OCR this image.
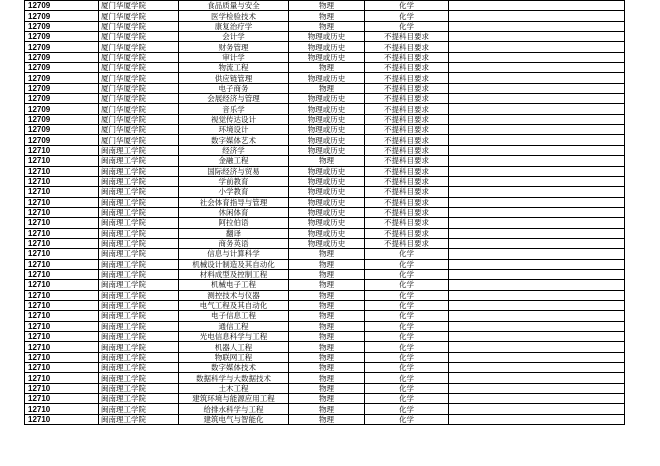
12709	厦门华厦学院	食品质量与安全	物理	化学	
12709	厦门华厦学院	医学检验技术	物理	化学	
12709	厦门华厦学院	康复治疗学	物理	化学	
12709	厦门华厦学院	会计学	物理或历史	不提科目要求	
12709	厦门华厦学院	财务管理	物理或历史	不提科目要求	
12709	厦门华厦学院	审计学	物理或历史	不提科目要求	
12709	厦门华厦学院	物流工程	物理	不提科目要求	
12709	厦门华厦学院	供应链管理	物理或历史	不提科目要求	
12709	厦门华厦学院	电子商务	物理	不提科目要求	
12709	厦门华厦学院	会展经济与管理	物理或历史	不提科目要求	
12709	厦门华厦学院	音乐学	物理或历史	不提科目要求	
12709	厦门华厦学院	视觉传达设计	物理或历史	不提科目要求	
12709	厦门华厦学院	环境设计	物理或历史	不提科目要求	
12709	厦门华厦学院	数字媒体艺术	物理或历史	不提科目要求	
12710	闽南理工学院	经济学	物理或历史	不提科目要求	
12710	闽南理工学院	金融工程	物理	不提科目要求	
12710	闽南理工学院	国际经济与贸易	物理或历史	不提科目要求	
12710	闽南理工学院	学前教育	物理或历史	不提科目要求	
12710	闽南理工学院	小学教育	物理或历史	不提科目要求	
12710	闽南理工学院	社会体育指导与管理	物理或历史	不提科目要求	
12710	闽南理工学院	休闲体育	物理或历史	不提科目要求	
12710	闽南理工学院	阿拉伯语	物理或历史	不提科目要求	
12710	闽南理工学院	翻译	物理或历史	不提科目要求	
12710	闽南理工学院	商务英语	物理或历史	不提科目要求	
12710	闽南理工学院	信息与计算科学	物理	化学	
12710	闽南理工学院	机械设计制造及其自动化	物理	化学	
12710	闽南理工学院	材料成型及控制工程	物理	化学	
12710	闽南理工学院	机械电子工程	物理	化学	
12710	闽南理工学院	测控技术与仪器	物理	化学	
12710	闽南理工学院	电气工程及其自动化	物理	化学	
12710	闽南理工学院	电子信息工程	物理	化学	
12710	闽南理工学院	通信工程	物理	化学	
12710	闽南理工学院	光电信息科学与工程	物理	化学	
12710	闽南理工学院	机器人工程	物理	化学	
12710	闽南理工学院	物联网工程	物理	化学	
12710	闽南理工学院	数字媒体技术	物理	化学	
12710	闽南理工学院	数据科学与大数据技术	物理	化学	
12710	闽南理工学院	土木工程	物理	化学	
12710	闽南理工学院	建筑环境与能源应用工程	物理	化学	
12710	闽南理工学院	给排水科学与工程	物理	化学	
12710	闽南理工学院	建筑电气与智能化	物理	化学	
